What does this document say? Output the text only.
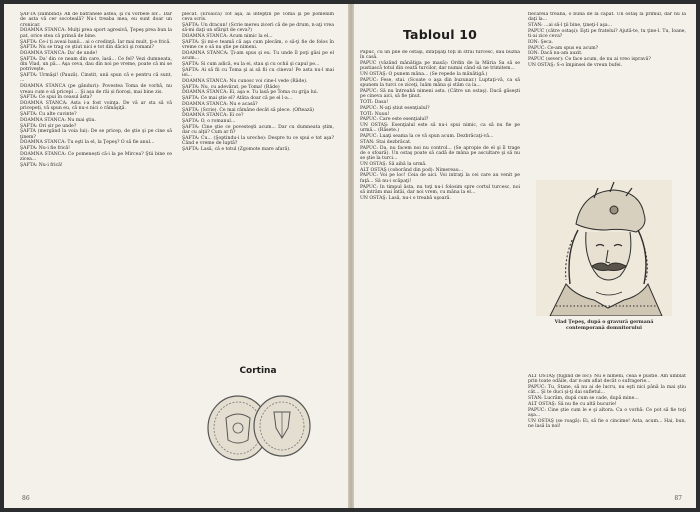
ŞAFTA (zâmbind): Ah de bătrânele astea, şi cu vorbele lor... Dar de asta vă cer socoteală? Nu-i treaba mea, eu sunt doar un cronicar.

DOAMNA STANCA: Mulţi prea sport agresivă, Ţepeş prea bun la pat, orice stea că prinsă de bine.

ŞAFTA: Ce-i ți aveai banii... ai o credinţă. Iar mai mult, ţi-e frică.

ŞAFTA: Nu se trag ce ştiut nici e tot din dăcici şi romani?

DOAMNA STANCA: Da' de unde!

ŞAFTA: Da' din ce neam din care, lasă... Ce fel? Vezi dumneata, din Vlad, un pă... Aşa ceva, dau din noi pe vreme, poate că mi se potriveşte.

ŞAFTA: Urmăşi! (Pauză). Cinstit, unii spun că e pentru că sunt, ...

DOAMNA STANCA (pe gânduri): Povestea Toma de vorbă, nu vreau cum e să pricepi ... Şi așa de răi și fioroși, mai bine zis.

ŞAFTA: Ce spui în ceasul ăsta?

DOAMNA STANCA: Asta i-a fost voinţa. De vă ar sta să vă pricepeți, vă spun eu, că nu-s nici o rămăşiţă.

ŞAFTA: Cu alte cuvinte?

DOAMNA STANCA: Nu mai ştiu.

ŞAFTA: Ori șir pe unde?

ŞAFTA (mergând la voia lui): De se pricep, de ştie şi pe cine să ţinem?

DOAMNA STANCA: Tu eşti la el, la Ţepeş? O să fie anul...

ŞAFTA: Nu-i fie frică!

DOAMNA STANCA: Ce pomenești că-i la pe Mircea? Ştii bine ce zicea...

ŞAFTA: Nu-i frică!

plecat. (Eroaică) Tot aşa, ai întepțin pe Toma şi pe pomenim ceva scris.

ŞAFTA: Un dracun! (Scrie mereu ziceri că de pe drum, n-aţi vrea să-mi daţi un sfârşit de ceva?)

DOAMNA STANCA: Acum nimic la el...

ŞAFTA: Şi mi-e teamă că aşa cum plecăm, o să-ţi fie de folos în vreme ce o să nu ştie pe nimeni.

DOAMNA STANCA: Ţi-am spus şi eu. Tu unde îl poţi găsi pe el acum...

ŞAFTA: Si cum adică, eu la ei, stau şi cu ochii şi capul pe...

ŞAFTA: Ai să fii cu Toma şi ai să fii cu cineva! Pe asta nu-l mai iei...

DOAMNA STANCA: Nu cunosc voi cine-l vede (Râde).

ŞAFTA: Nu, cu adevărat, pe Toma! (Râde)

DOAMNA STANCA: Ei, aşa e. Tu lasă pe Toma cu grija lui.

ŞAFTA: Ce mai ştie el? Atâta doar că pe el l-a...

DOAMNA STANCA: Nu e acasă?

ŞAFTA: (Scrie). Ce mai rămâne decât să plece. (Oftează)

DOAMNA STANCA: Ei ce?

ŞAFTA: O, o romanul...

ŞAFTA: Cine ştie ce povesteşti acum... Dar cu dumneata ştim, dar cu alţii? Cum ar fi?

ŞAFTA: Cu... (Şoptindu-i la ureche): Despre tu ce spui e tot aşa? Când e vreme de luptă?

ŞAFTA: Lasă, că e totul (Zgomote mare afară).

Cortina
86
Tabloul 10

Papuc, cu un pile de ostaşi, înfăţişaţi toţi în strai turcesc, dau buzna în casă.

PAPUC (văzând mânătiga pe masă): Ordin de la Măria Sa să se pustiască totul din ceată turcilor, dar numai când să ne trimitem...

UN OSTAŞ: O punem mâna... (Se repede la mănătigă.)

PAPUC: Fese, stai. (Scoate o aşa din buzunar.) Luptaţi-vă, ca să spunem la turci ce ziceţi, luăm mâna şi stăm ca la...

PAPUC: Să nu întreabă nimeni asta. (Către un ostaş). Dacă găseşti pe cineva aici, să fie ţinut.

TOTI: Dasa!

PAPUC: N-aţi știut esenţialul?

TOTI: Nuuu!

PAPUC: Care este esenţialul?

UN OSTAŞ: Esenţialul este să nu-i spui nimic, ca să nu fie pe urmă... (Râsete.)

PAPUC: Luaţi seama la ce vă spun acum. Dezbrăcaţi-vă...

STAN: Stai dezbrăcat.

PAPUC: Da, nu facem noi nu control... (Se apropie de el şi îl trage de o sfoară). Un ostaş poate să cadă de mâna pe ascultare şi să nu se ştie la turci...

UN OSTAŞ: Să aibă la urmă.

ALT OSTAŞ (coborând din pod): Nimereau...

PAPUC: Voi pe loc! Ceia de aici. Voi intraţi la cei care au venit pe faţă... Să nu-i scăpaţi!

PAPUC: In timpul ăsta, nu toţi nu-i folosim spre cortul turcesc, noi să intrăm mai întâi, dar noi vrem, cu mâna la el...

UN OSTAŞ: Lasă, nu-i o treabă uşoară.

fiecăreia treaba, o bună de la capăt. Un ostaş la primul, dar nu la daţi la...

STAN: ...ai să-l ţii bine, ţineţi-l aşa...

PAPUC (către ostaşi): Eşti pe fratelui? Ajută-te, tu ţine-l. Tu, Ioane, ti-ai zice ceva?

ION: Şeca.

PAPUC: Ce-am spus eu acum?

ION: Dacă nu-am auzit.

PAPUC (sever): Ce face acum, de nu ai vreo ispravă?

UN OSTAŞ: S-o împinsei de vreun bufei.

Vlad Ţepeş, după o gravură germană
contemporană domnitorului

ALT OSTAŞ (fugind de loc): Nu e nimeni, ceaa e pustie. Am umblat prin toate odăile, dar n-am aflat decât o sufragerie...

PAPUC: Tu, Stane, să nu ai de lucru, nu eşti nici până la mai ştiu cât... Şi te duci şi-ţi dai sufletul...

STAN: Lucrăm, după cum se cade, după mine...

ALT OSTAŞ: Să nu fie cu altă bucurie!

PAPUC: Cine ştie cum le e şi altora. Ca o vorbă: Ce pot să fie toţi aşa...

UN OSTAŞ (se roagă): Ei, să fie o cincime! Asta, acum... Hai, bun, ne lasă la noi!

87
